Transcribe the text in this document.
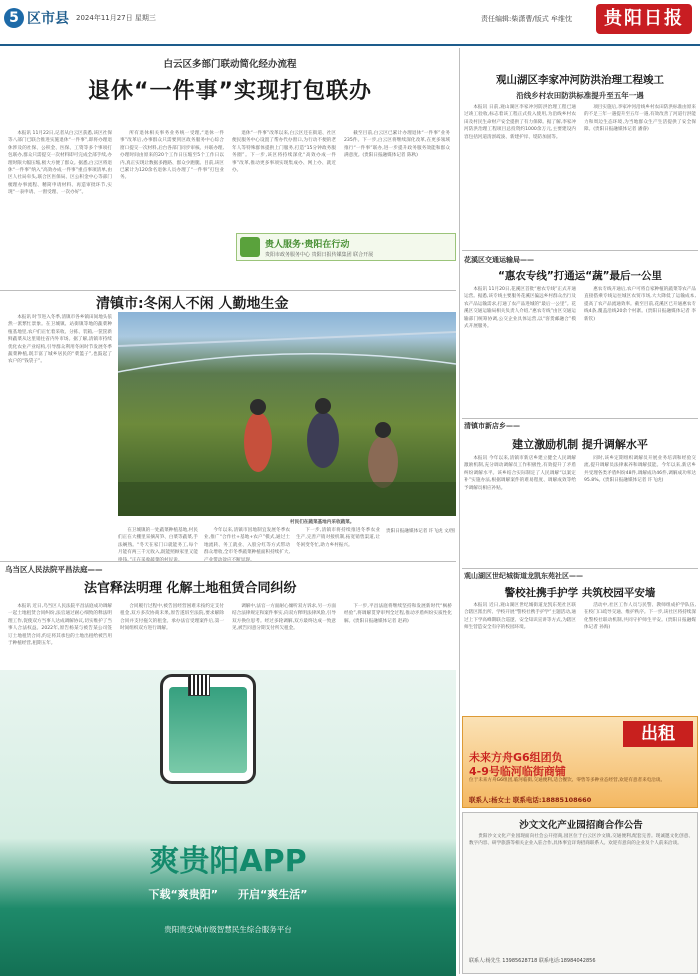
5 区市县 2024年11月27日 星期三	责任编辑:柴潇曹/版式 牟维忱	贵阳日报
白云区多部门联动简化经办流程
退休“一件事”实现打包联办

本报讯 11月22日,记者从白云区获悉,该区社保等八部门已联合推进实施退休“一件事”,即将办理退休涉及的社保、公积金、医保、工资等多个事项打包联办,群众只需提交一次材料即可完成全部手续,办理时限大幅压缩,极大方便了群众。据悉,白云区将退休“一件事”纳入“高效办成一件事”重点事项清单,由区人社局牵头,联合区医保局、区公积金中心等部门梳理办事流程、精简申请材料、再造审批环节,实现“一表申请、一窗受理、一次办好”。

所有退休相关事务业务统一受理,“退休一件事”改革后,办事群众只需要到区政务服务中心综合窗口提交一次材料,后台各部门同步审核、并联办理,办理时间由原来的20个工作日压缩至5个工作日以内,真正实现让数据多跑路、群众少跑腿。目前,该区已累计为120余名退休人员办理了“一件事”打包业务。

退休“一件事”改革以来,白云区还在街道、社区便民服务中心设置了帮办代办窗口,为行动不便的老年人等特殊群体提供上门服务,打造“15分钟政务服务圈”。下一步,该区将持续深化“高效办成一件事”改革,推动更多事项实现集成办、网上办、就近办。

截至目前,白云区已累计办理退休“一件事”业务235件。下一步,白云区将继续深化改革,在更多领域推行“一件事”联办,进一步提升政务服务效能和群众满意度。(贵阳日报融媒体记者 陈秋)

贵人服务·贵阳在行动
贵阳市政务服务中心 贵阳日报传媒集团 联合开展
清镇市:冬闲人不闲 人勤地生金

本报讯 时节进入冬季,清镇市各乡镇田间地头依然一派繁忙景象。在卫城镇、站街镇等地的蔬菜种植基地里,农户们正忙着采收、分拣、装箱,一筐筐新鲜蔬菜从这里销往省内外市场。据了解,清镇市持续优化农业产业结构,引导群众利用冬闲时节发展冬季蔬菜种植,既丰富了城乡居民的“菜篮子”,也鼓起了农户的“钱袋子”。

村民们在蔬菜基地内采收蔬菜。

在卫城镇的一处蔬菜种植基地,村民们正在大棚里采摘莴笋、白菜等蔬菜,手法娴熟。“冬天在家门口就能务工,每个月能有两三千元收入,既能照顾家里又能

今年以来,清镇市因地制宜发展冬季农业,推广“合作社+基地+农户”模式,通过土地流转、务工就业、入股分红等方式带动群众增收,全市冬季蔬菜种植面积持续扩大,

下一步,清镇市将持续推进冬季农业生产,完善产销对接机制,拓宽销售渠道,让冬闲变冬忙,助力乡村振兴。

贵阳日报融媒体记者 许飞虎 文/图
乌当区人民法院平昌法庭——
法官释法明理 化解土地租赁合同纠纷

本报讯 近日,乌当区人民法院平昌法庭成功调解一起土地租赁合同纠纷,法官通过耐心细致的释法明理工作,促使双方当事人达成调解协议,切实维护了当事人合法权益。2022年,原告杨某与被告某公司签订土地租赁合同,约定将其承包的土地出租给被告用于种植经营,租期五年。

合同履行过程中,被告因经营困难未按约定支付租金,双方多次协商未果,原告遂诉至法院,要求解除合同并支付拖欠的租金。承办法官受理案件后,第一时间组织双方进行调解。

调解中,法官一方面耐心倾听双方诉求,另一方面结合法律规定和案件事实,向双方释明法律风险,引导双方换位思考。经过多轮调解,双方最终达成一致意见,被告同意分期支付所欠租金。

下一步,平昌法庭将继续坚持和发展新时代“枫桥经验”,将调解贯穿审判全过程,推动矛盾纠纷实质性化解。(贵阳日报融媒体记者 赵莉)

爽贵阳APP
下载“爽贵阳” 开启“爽生活”
贵阳贵安城市级智慧民生综合服务平台
观山湖区李家冲河防洪治理工程竣工
沿线乡村农田防洪标准提升至五年一遇

本报讯 日前,观山湖区李家冲河防洪治理工程已通过竣工验收,标志着该工程正式投入使用,为沿线乡村农田及村民生命财产安全提供了有力保障。据了解,李家冲河防洪治理工程项目总投资约1000余万元,主要建设内容包括河道清淤疏浚、新建护岸、堤防加固等。

项目实施后,李家冲河沿线乡村农田防洪标准由原来的不足三年一遇提升至五年一遇,有效改善了河道行洪能力和周边生态环境,为当地群众生产生活提供了安全保障。(贵阳日报融媒体记者 潘睿)

花溪区交通运输局——
“惠农专线”打通运“蔬”最后一公里

本报讯 11月20日,花溪区首批“惠农专线”正式开通运营。据悉,该专线主要服务花溪区偏远乡村群众出行及农产品运输需求,打通了农产品进城的“最后一公里”。花溪区交通运输局相关负责人介绍,“惠农专线”由区交通运输部门统筹协调,公交企业具体运营,以“客货邮融合”模式开展服务。

惠农专线开通后,农户可将自家种植的蔬菜等农产品直接搭乘专线运往城区农贸市场,大大降低了运输成本,提高了农产品流通效率。截至目前,花溪区已开通惠农专线4条,覆盖沿线20余个村寨。(贵阳日报融媒体记者 李新钦)

清镇市新店乡——
建立激励机制 提升调解水平

本报讯 今年以来,清镇市新店乡建立健全人民调解激励机制,充分调动调解员工作积极性,有效提升了矛盾纠纷调解水平。该乡结合实际制定了人民调解“以案定补”实施办法,根据调解案件的难易程度、调解成效等给予调解员相应补贴。

同时,该乡定期组织调解员开展业务培训和经验交流,提升调解员法律素养和调解技能。今年以来,新店乡共受理各类矛盾纠纷48件,调解成功46件,调解成功率达95.8%。(贵阳日报融媒体记者 许飞虎)

观山湖区世纪城街道龙凯东苑社区——
警校社携手护学 共筑校园平安墙

本报讯 近日,观山湖区世纪城街道龙凯东苑社区联合辖区派出所、学校开展“警校社携手护学”主题活动,通过上下学高峰期联合巡逻、安全知识宣讲等方式,为辖区师生营造安全有序的校园环境。

活动中,社区工作人员与民警、教师组成护学队伍,在校门口疏导交通、维护秩序。下一步,该社区将持续深化警校社联动机制,共同守护师生平安。(贵阳日报融媒体记者 孙海)

出租
未来方舟G6组团负
4-9号临河临街商铺
位于未来方舟G6组团,临河临街,交通便利,适合餐饮、零售等多种业态经营,欢迎有意者来电洽谈。
联系人:杨女士 联系电话:18885108660
沙文文化产业园招商合作公告

贵阳沙文文化产业园现面向社会公开招商,园区位于白云区沙文镇,交通便利,配套完善。现诚邀文化创意、数字内容、研学旅游等相关企业入驻合作,具体事宜详询招商联系人。欢迎有意向的企业及个人前来洽谈。

联系人:杨先生 13985628718 联系电话:18984042856
